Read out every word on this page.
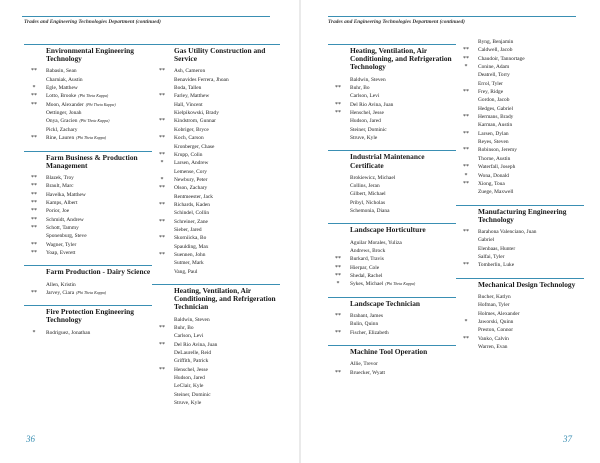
Trades and Engineering Technologies Department (continued)
Environmental Engineering Technology
**	Babasin, Sean
Charniak, Austin
*	Egle, Matthew
**	Lotto, Brooke (Phi Theta Kappa)
**	Moon, Alexander (Phi Theta Kappa)
Oettinger, Jonah
Onya, Gracien (Phi Theta Kappa)
Pickl, Zachary
**	Rine, Lauren (Phi Theta Kappa)
Farm Business & Production Management
**	Blazek, Troy
**	Brault, Marc
**	Havelka, Matthew
**	Kamps, Albert
**	Porior, Joe
**	Schmidt, Andrew
**	Schott, Tammy
Sponenburg, Steve
**	Wagner, Tyler
**	Yoap, Everett
Farm Production - Dairy Science
Allen, Kristin
**	Jarvey, Ciara (Phi Theta Kappa)
Fire Protection Engineering Technology
*	Rodriguez, Jonathan
Gas Utility Construction and Service
**	Ash, Cameron
Benavides Ferrera, Jhoan
Boda, Tallen
**	Farley, Matthew
Hall, Vincent
Kielpikowski, Brady
**	Kindstrom, Gunnar
Kobriger, Bryce
**	Koch, Carson
Kronberger, Chase
**	Krupp, Colin
*	Larsen, Andrew
Lemense, Cory
*	Newbury, Peter
**	Olson, Zachary
Rentmeester, Jack
**	Richards, Kaden
Schindel, Collin
**	Schreiner, Zane
Sieber, Jared
**	Skorniicka, Bo
Spaulding, Max
**	Suennen, John
Sutmer, Mark
Vang, Paul
Heating, Ventilation, Air Conditioning, and Refrigeration Technician
Baldwin, Steven
**	Buhr, Bo
Carlson, Levi
**	Del Rio Avina, Juan
DeLaurelle, Reid
Griffith, Patrick
**	Henschel, Jesse
Hudson, Jared
LeClair, Kyle
Steiner, Dominic
Struve, Kyle
36
Trades and Engineering Technologies Department (continued)
Heating, Ventilation, Air Conditioning, and Refrigeration Technology
Baldwin, Steven
**	Buhr, Bo
Carlson, Levi
**	Del Rio Avina, Juan
**	Henschel, Jesse
Hudson, Jared
Steiner, Dominic
Struve, Kyle
Industrial Maintenance Certificate
Brokiewicz, Michael
Collins, Jeran
Gilbert, Michael
Pribyl, Nicholas
Schemonia, Diana
Landscape Horticulture
Aguilar Morales, Yuliza
Andrews, Brock
**	Burkard, Travis
**	Hierpar, Cole
**	Shedal, Rachel
*	Sykes, Michael (Phi Theta Kappa)
Landscape Technician
**	Brabant, James
Bulin, Quinn
**	Fischer, Elizabeth
Machine Tool Operation
Allie, Trevor
**	Bruecker, Wyatt
Byng, Benjamin
**	Caldwell, Jacob
**	Chaudoir, Tannortage
*	Conine, Adam
Deatrell, Torry
Errol, Tyler
**	Frey, Ridge
Gordon, Jacob
Hedges, Gabriel
**	Hermans, Brady
Karman, Austin
**	Larsen, Dylan
Reyes, Steven
**	Robinson, Jeremy
Thorne, Austin
**	Waterfall, Joseph
*	Wona, Donald
**	Xiong, Toua
Zuege, Maxwell
Manufacturing Engineering Technology
**	Barahona Valenciano, Juan
Gabriel
Elenbaas, Hunter
Salfai, Tyler
**	Tomberlin, Luke
Mechanical Design Technology
Bucher, Katlyn
Hofman, Tyler
Holmes, Alexander
*	Jaworski, Quinn
Preston, Connor
**	Vanko, Calvin
Warren, Evan
37
